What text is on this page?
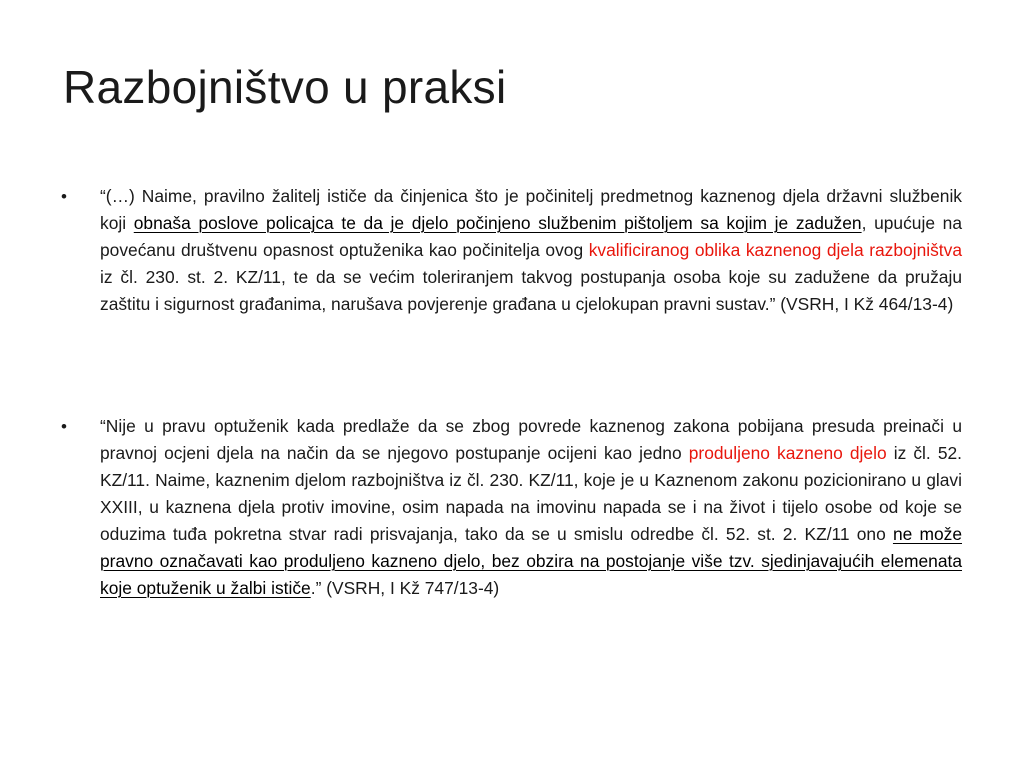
Razbojništvo u praksi
• “(…) Naime, pravilno žalitelj ističe da činjenica što je počinitelj predmetnog kaznenog djela državni službenik koji obnaša poslove policajca te da je djelo počinjeno službenim pištoljem sa kojim je zadužen, upućuje na povećanu društvenu opasnost optuženika kao počinitelja ovog kvalificiranog oblika kaznenog djela razbojništva iz čl. 230. st. 2. KZ/11, te da se većim toleriranjem takvog postupanja osoba koje su zadužene da pružaju zaštitu i sigurnost građanima, narušava povjerenje građana u cjelokupan pravni sustav.” (VSRH, I Kž 464/13-4)
• “Nije u pravu optuženik kada predlaže da se zbog povrede kaznenog zakona pobijana presuda preinači u pravnoj ocjeni djela na način da se njegovo postupanje ocijeni kao jedno produljeno kazneno djelo iz čl. 52. KZ/11. Naime, kaznenim djelom razbojništva iz čl. 230. KZ/11, koje je u Kaznenom zakonu pozicionirano u glavi XXIII, u kaznena djela protiv imovine, osim napada na imovinu napada se i na život i tijelo osobe od koje se oduzima tuđa pokretna stvar radi prisvajanja, tako da se u smislu odredbe čl. 52. st. 2. KZ/11 ono ne može pravno označavati kao produljeno kazneno djelo, bez obzira na postojanje više tzv. sjedinjavajućih elemenata koje optuženik u žalbi ističe.” (VSRH, I Kž 747/13-4)
